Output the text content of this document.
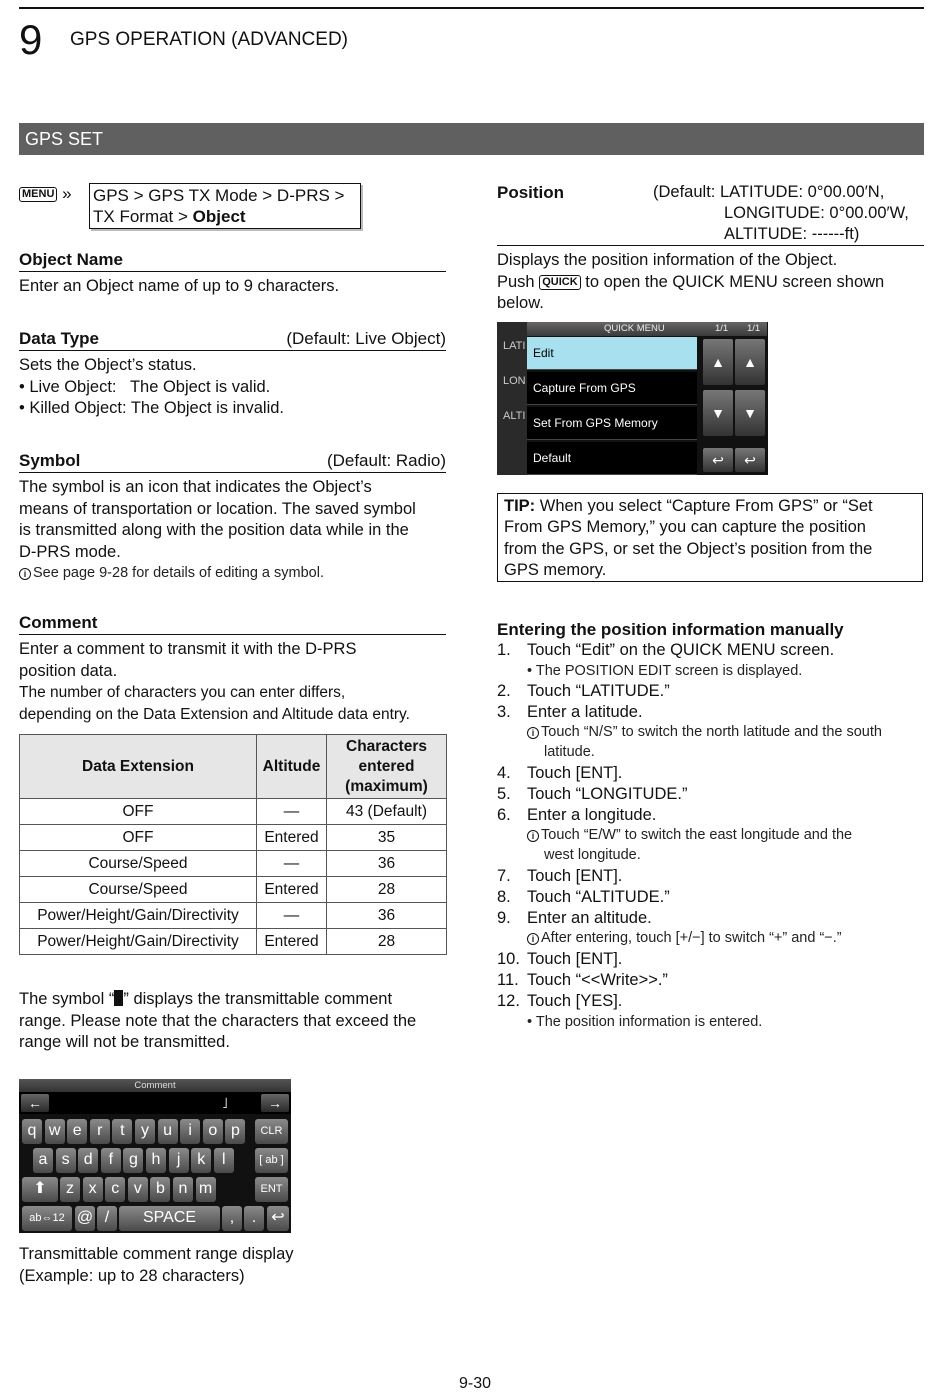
9 GPS OPERATION (ADVANCED)
GPS SET
MENU » GPS > GPS TX Mode > D-PRS >
TX Format > Object
Object Name
Enter an Object name of up to 9 characters.
Data Type	(Default: Live Object)
Sets the Object’s status.
• Live Object:   The Object is valid.
• Killed Object: The Object is invalid.
Symbol	(Default: Radio)
The symbol is an icon that indicates the Object’s
means of transportation or location. The saved symbol
is transmitted along with the position data while in the
D-PRS mode.
i See page 9-28 for details of editing a symbol.
Comment
Enter a comment to transmit it with the D-PRS
position data.
The number of characters you can enter differs,
depending on the Data Extension and Altitude data entry.
Data Extension	Altitude	Characters
entered
(maximum)

OFF	—	43 (Default)
OFF	Entered	35
Course/Speed	—	36
Course/Speed	Entered	28
Power/Height/Gain/Directivity	—	36
Power/Height/Gain/Directivity	Entered	28
The symbol “ ” displays the transmittable comment
range. Please note that the characters that exceed the
range will not be transmitted.
Comment
←	˩	→
q w e r	t	y u	i	o p	CLR
a s d f g h	j	k	l	[ ab ]
⬆	z x c v b n m	ENT
ab⇔12 @ /	SPACE	,	. ↩
Transmittable comment range display
(Example: up to 28 characters)
Position	(Default: LATITUDE: 0°00.00′N,
LONGITUDE: 0°00.00′W,
ALTITUDE: ------ft)
Displays the position information of the Object.
Push QUICK to open the QUICK MENU screen shown
below.
LATI
LON
ALTI
QUICK MENU	1/1 1/1
Edit
Capture From GPS
Set From GPS Memory
Default
▲	▲
▼	▼
↩	↩
TIP: When you select “Capture From GPS” or “Set
From GPS Memory,” you can capture the position
from the GPS, or set the Object’s position from the
GPS memory.
Entering the position information manually
1. Touch “Edit” on the QUICK MENU screen.
2. Touch “LATITUDE.”
3. Enter a latitude.
4. Touch [ENT].
5. Touch “LONGITUDE.”
6. Enter a longitude.
7. Touch [ENT].
8. Touch “ALTITUDE.”
9. Enter an altitude.
10. Touch [ENT].
11. Touch “<<Write>>.”
12. Touch [YES].
• The POSITION EDIT screen is displayed.
i Touch “N/S” to switch the north latitude and the south
latitude.
i Touch “E/W” to switch the east longitude and the
west longitude.
i After entering, touch [+/−] to switch “+” and “−.”
• The position information is entered.
9-30
